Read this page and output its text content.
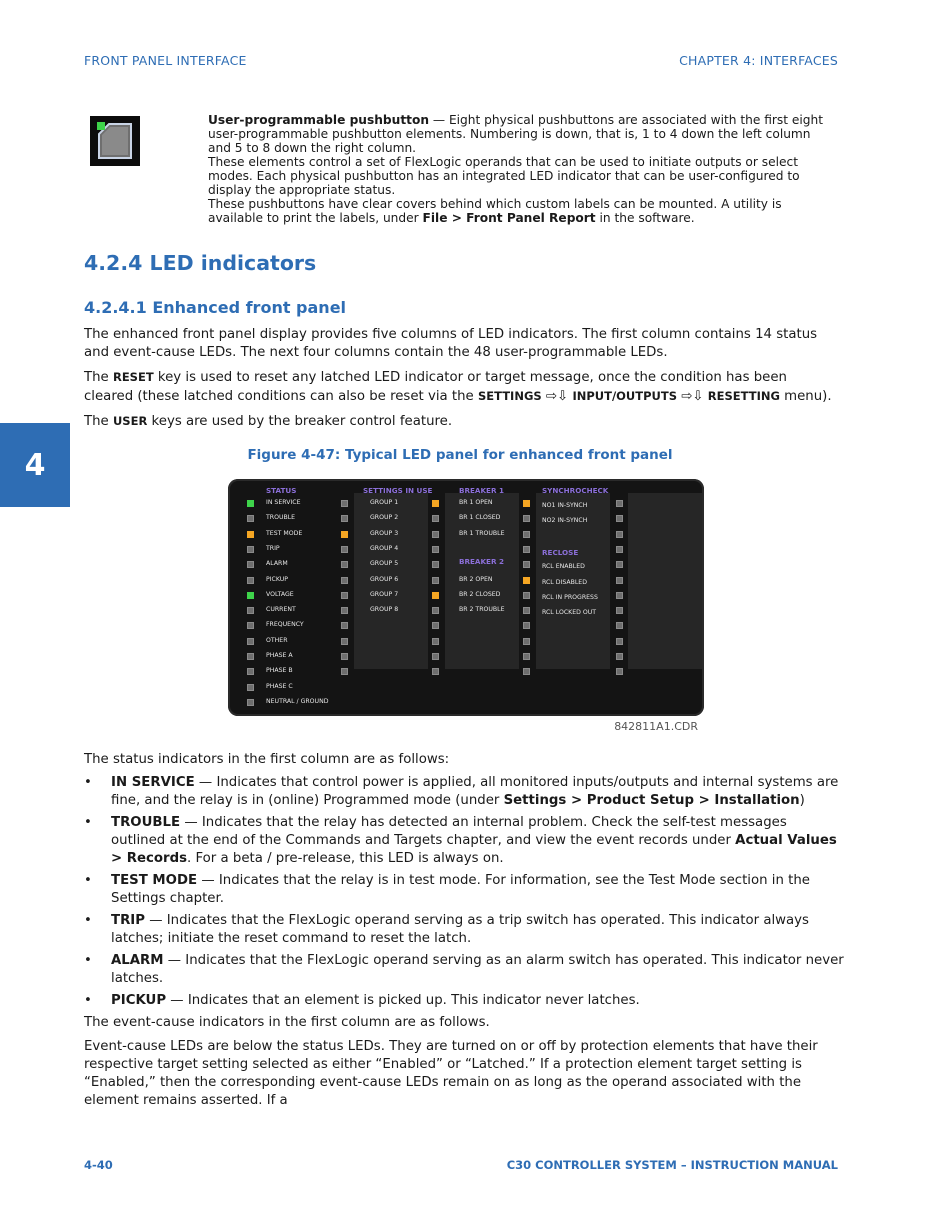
FRONT PANEL INTERFACE	CHAPTER 4: INTERFACES
4

User-programmable pushbutton — Eight physical pushbuttons are associated with the first eight user-programmable pushbutton elements. Numbering is down, that is, 1 to 4 down the left column and 5 to 8 down the right column.

These elements control a set of FlexLogic operands that can be used to initiate outputs or select modes. Each physical pushbutton has an integrated LED indicator that can be user-configured to display the appropriate status.

These pushbuttons have clear covers behind which custom labels can be mounted. A utility is available to print the labels, under File > Front Panel Report in the software.

4.2.4 LED indicators
4.2.4.1 Enhanced front panel

The enhanced front panel display provides five columns of LED indicators. The first column contains 14 status and event-cause LEDs. The next four columns contain the 48 user-programmable LEDs.

The RESET key is used to reset any latched LED indicator or target message, once the condition has been cleared (these latched conditions can also be reset via the SETTINGS ⇨⇩ INPUT/OUTPUTS ⇨⇩ RESETTING menu).

The USER keys are used by the breaker control feature.

Figure 4-47: Typical LED panel for enhanced front panel
STATUS
IN SERVICE
TROUBLE
TEST MODE
TRIP
ALARM
PICKUP
VOLTAGE
CURRENT
FREQUENCY
OTHER
PHASE A
PHASE B
PHASE C
NEUTRAL / GROUND
SETTINGS IN USE
GROUP 1
GROUP 2
GROUP 3
GROUP 4
GROUP 5
GROUP 6
GROUP 7
GROUP 8
BREAKER 1
BR 1 OPEN
BR 1 CLOSED
BR 1 TROUBLE
BREAKER 2
BR 2 OPEN
BR 2 CLOSED
BR 2 TROUBLE
SYNCHROCHECK
NO1 IN-SYNCH
NO2 IN-SYNCH
RECLOSE
RCL ENABLED
RCL DISABLED
RCL IN PROGRESS
RCL LOCKED OUT
842811A1.CDR
The status indicators in the first column are as follows:
• IN SERVICE — Indicates that control power is applied, all monitored inputs/outputs and internal systems are fine, and the relay is in (online) Programmed mode (under Settings > Product Setup > Installation)
• TROUBLE — Indicates that the relay has detected an internal problem. Check the self-test messages outlined at the end of the Commands and Targets chapter, and view the event records under Actual Values > Records. For a beta / pre-release, this LED is always on.
• TEST MODE — Indicates that the relay is in test mode. For information, see the Test Mode section in the Settings chapter.
• TRIP — Indicates that the FlexLogic operand serving as a trip switch has operated. This indicator always latches; initiate the reset command to reset the latch.
• ALARM — Indicates that the FlexLogic operand serving as an alarm switch has operated. This indicator never latches.
• PICKUP — Indicates that an element is picked up. This indicator never latches.
The event-cause indicators in the first column are as follows.
Event-cause LEDs are below the status LEDs. They are turned on or off by protection elements that have their respective target setting selected as either “Enabled” or “Latched.” If a protection element target setting is “Enabled,” then the corresponding event-cause LEDs remain on as long as the operand associated with the element remains asserted. If a
4-40	C30 CONTROLLER SYSTEM – INSTRUCTION MANUAL
